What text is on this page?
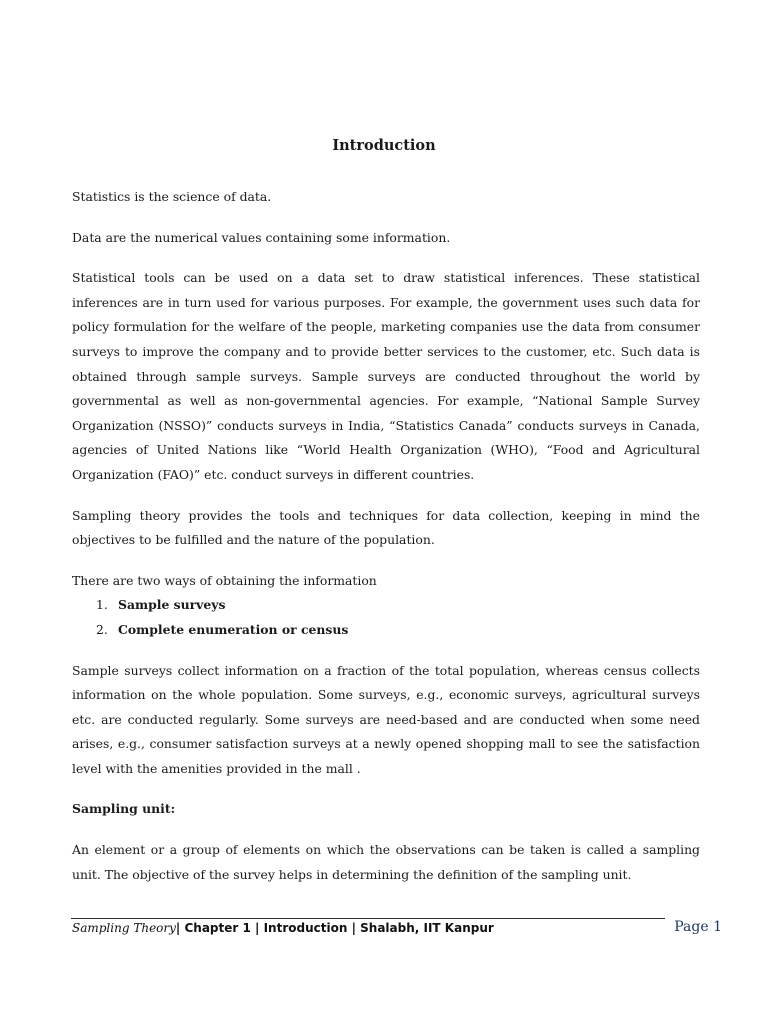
Introduction

Statistics is the science of data.

Data are the numerical values containing some information.

Statistical tools can be used on a data set to draw statistical inferences. These statistical inferences are in turn used for various purposes. For example, the government uses such data for policy formulation for the welfare of the people, marketing companies use the data from consumer surveys to improve the company and to provide better services to the customer, etc. Such data is obtained through sample surveys. Sample surveys are conducted throughout the world by governmental as well as non-governmental agencies. For example, “National Sample Survey Organization (NSSO)” conducts surveys in India, “Statistics Canada” conducts surveys in Canada, agencies of United Nations like “World Health Organization (WHO), “Food and Agricultural Organization (FAO)” etc. conduct surveys in different countries.

Sampling theory provides the tools and techniques for data collection, keeping in mind the objectives to be fulfilled and the nature of the population.

There are two ways of obtaining the information

1. Sample surveys
2. Complete enumeration or census

Sample surveys collect information on a fraction of the total population, whereas census collects information on the whole population. Some surveys, e.g., economic surveys, agricultural surveys etc. are conducted regularly. Some surveys are need-based and are conducted when some need arises, e.g., consumer satisfaction surveys at a newly opened shopping mall to see the satisfaction level with the amenities provided in the mall .

Sampling unit:

An element or a group of elements on which the observations can be taken is called a sampling unit. The objective of the survey helps in determining the definition of the sampling unit.

Sampling Theory| Chapter 1 | Introduction | Shalabh, IIT Kanpur	Page 1
